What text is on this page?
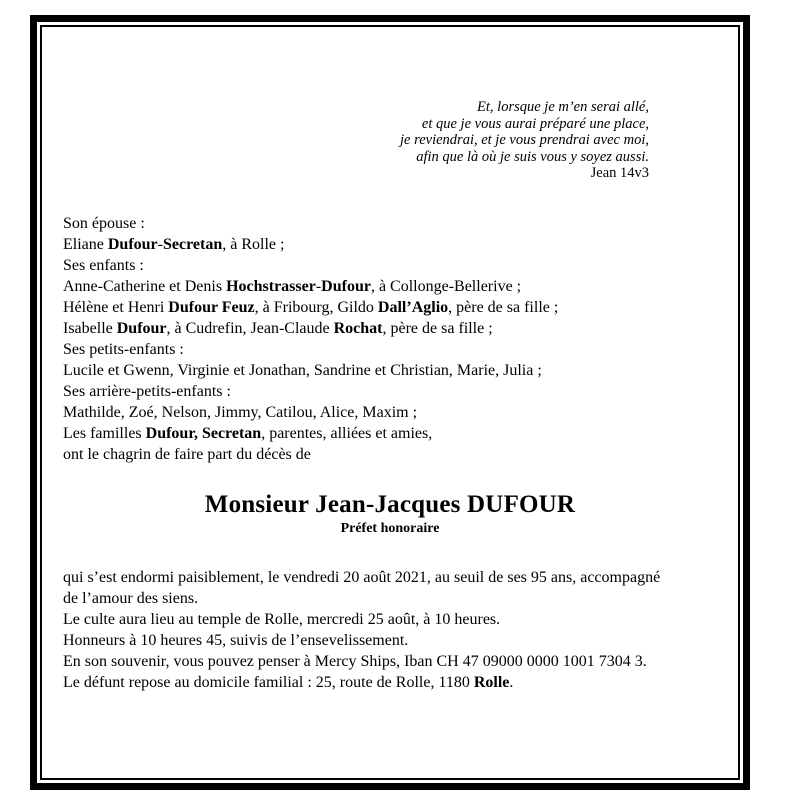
Et, lorsque je m’en serai allé,
et que je vous aurai préparé une place,
je reviendrai, et je vous prendrai avec moi,
afin que là où je suis vous y soyez aussi.
Jean 14v3
Son épouse :
Eliane Dufour-Secretan, à Rolle ;
Ses enfants :
Anne-Catherine et Denis Hochstrasser-Dufour, à Collonge-Bellerive ;
Hélène et Henri Dufour Feuz, à Fribourg, Gildo Dall’Aglio, père de sa fille ;
Isabelle Dufour, à Cudrefin, Jean-Claude Rochat, père de sa fille ;
Ses petits-enfants :
Lucile et Gwenn, Virginie et Jonathan, Sandrine et Christian, Marie, Julia ;
Ses arrière-petits-enfants :
Mathilde, Zoé, Nelson, Jimmy, Catilou, Alice, Maxim ;
Les familles Dufour, Secretan, parentes, alliées et amies,
ont le chagrin de faire part du décès de
Monsieur Jean-Jacques DUFOUR
Préfet honoraire
qui s’est endormi paisiblement, le vendredi 20 août 2021, au seuil de ses 95 ans, accompagné
de l’amour des siens.
Le culte aura lieu au temple de Rolle, mercredi 25 août, à 10 heures.
Honneurs à 10 heures 45, suivis de l’ensevelissement.
En son souvenir, vous pouvez penser à Mercy Ships, Iban CH 47 09000 0000 1001 7304 3.
Le défunt repose au domicile familial : 25, route de Rolle, 1180 Rolle.
